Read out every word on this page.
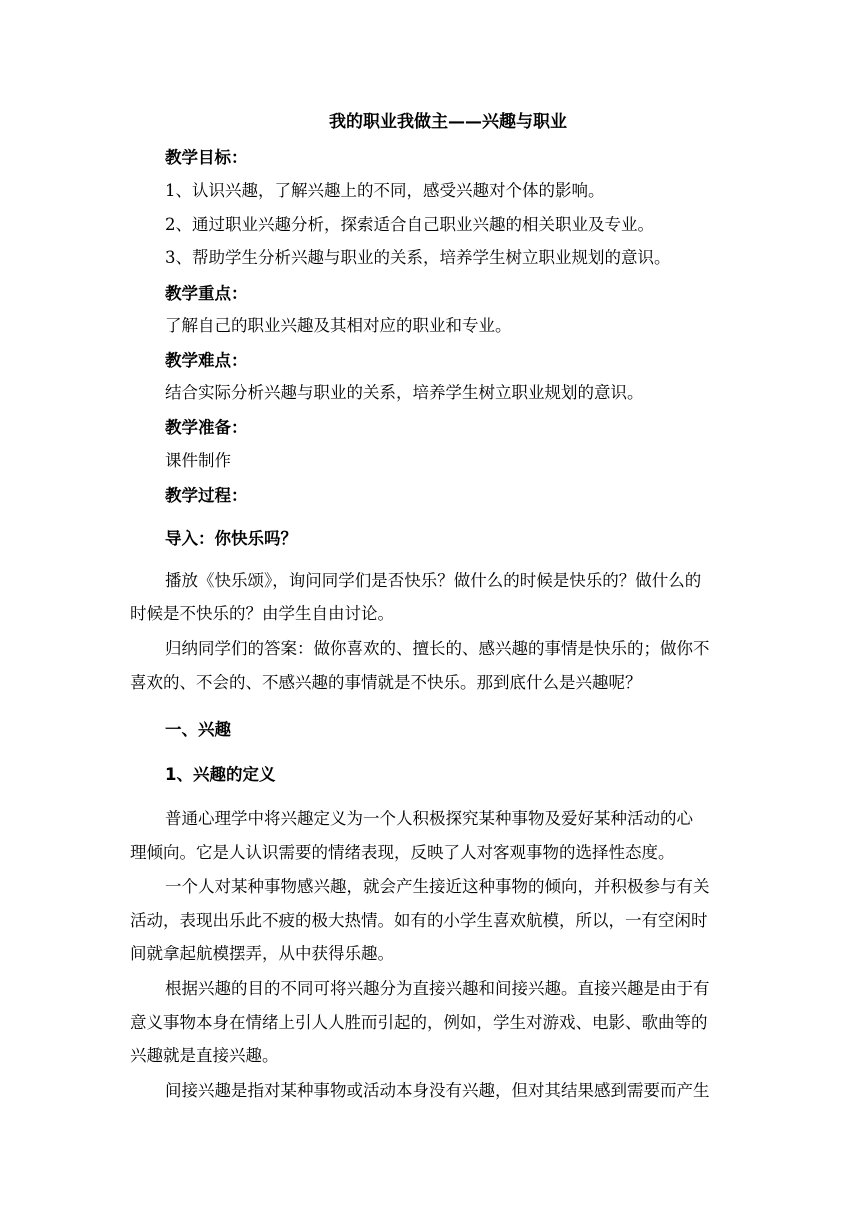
我的职业我做主——兴趣与职业
教学目标：
1、认识兴趣，了解兴趣上的不同，感受兴趣对个体的影响。
2、通过职业兴趣分析，探索适合自己职业兴趣的相关职业及专业。
3、帮助学生分析兴趣与职业的关系，培养学生树立职业规划的意识。
教学重点：
了解自己的职业兴趣及其相对应的职业和专业。
教学难点：
结合实际分析兴趣与职业的关系，培养学生树立职业规划的意识。
教学准备：
课件制作
教学过程：
导入：你快乐吗？
播放《快乐颂》，询问同学们是否快乐？做什么的时候是快乐的？做什么的
时候是不快乐的？由学生自由讨论。
归纳同学们的答案：做你喜欢的、擅长的、感兴趣的事情是快乐的；做你不
喜欢的、不会的、不感兴趣的事情就是不快乐。那到底什么是兴趣呢？
一、兴趣
1、兴趣的定义
普通心理学中将兴趣定义为一个人积极探究某种事物及爱好某种活动的心
理倾向。它是人认识需要的情绪表现，反映了人对客观事物的选择性态度。
一个人对某种事物感兴趣，就会产生接近这种事物的倾向，并积极参与有关
活动，表现出乐此不疲的极大热情。如有的小学生喜欢航模，所以，一有空闲时
间就拿起航模摆弄，从中获得乐趣。
根据兴趣的目的不同可将兴趣分为直接兴趣和间接兴趣。直接兴趣是由于有
意义事物本身在情绪上引人人胜而引起的，例如，学生对游戏、电影、歌曲等的
兴趣就是直接兴趣。
间接兴趣是指对某种事物或活动本身没有兴趣，但对其结果感到需要而产生
